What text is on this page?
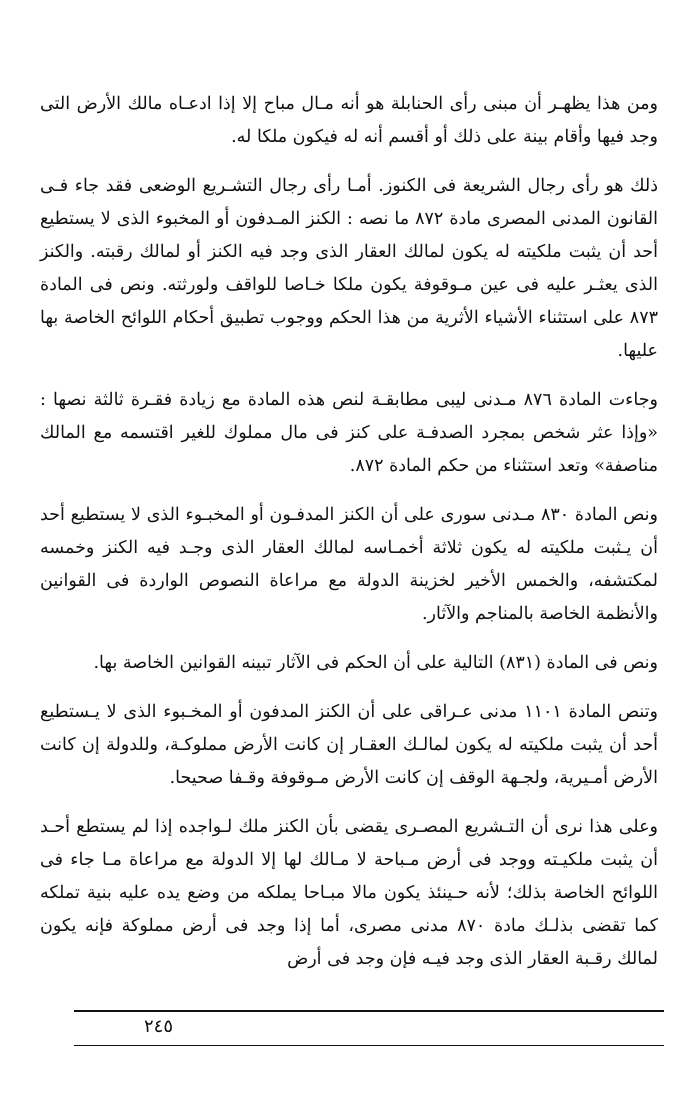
ومن هذا يظهـر أن مبنى رأى الحنابلة هو أنه مـال مباح إلا إذا ادعـاه مالك الأرض التى وجد فيها وأقام بينة على ذلك أو أقسم أنه له فيكون ملكا له.

ذلك هو رأى رجال الشريعة فى الكنوز. أمـا رأى رجال التشـريع الوضعى فقد جاء فـى القانون المدنى المصرى مادة ٨٧٢ ما نصه : الكنز المـدفون أو المخبوء الذى لا يستطيع أحد أن يثبت ملكيته له يكون لمالك العقار الذى وجد فيه الكنز أو لمالك رقبته. والكنز الذى يعثـر عليه فى عين مـوقوفة يكون ملكا خـاصا للواقف ولورثته. ونص فى المادة ٨٧٣ على استثناء الأشياء الأثرية من هذا الحكم ووجوب تطبيق أحكام اللوائح الخاصة بها عليها.

وجاءت المادة ٨٧٦ مـدنى ليبى مطابقـة لنص هذه المادة مع زيادة فقـرة ثالثة نصها : «وإذا عثر شخص بمجرد الصدفـة على كنز فى مال مملوك للغير اقتسمه مع المالك مناصفة» وتعد استثناء من حكم المادة ٨٧٢.

ونص المادة ٨٣٠ مـدنى سورى على أن الكنز المدفـون أو المخبـوء الذى لا يستطيع أحد أن يـثبت ملكيته له يكون ثلاثة أخمـاسه لمالك العقار الذى وجـد فيه الكنز وخمسه لمكتشفه، والخمس الأخير لخزينة الدولة مع مراعاة النصوص الواردة فى القوانين والأنظمة الخاصة بالمناجم والآثار.

ونص فى المادة (٨٣١) التالية على أن الحكم فى الآثار تبينه القوانين الخاصة بها.

وتنص المادة ١١٠١ مدنى عـراقى على أن الكنز المدفون أو المخـبوء الذى لا يـستطيع أحد أن يثبت ملكيته له يكون لمالـك العقـار إن كانت الأرض مملوكـة، وللدولة إن كانت الأرض أمـيرية، ولجـهة الوقف إن كانت الأرض مـوقوفة وقـفا صحيحا.

وعلى هذا نرى أن التـشريع المصـرى يقضى بأن الكنز ملك لـواجده إذا لم يستطع أحـد أن يثبت ملكيـته ووجد فى أرض مـباحة لا مـالك لها إلا الدولة مع مراعاة مـا جاء فى اللوائح الخاصة بذلك؛ لأنه حـينئذ يكون مالا مبـاحا يملكه من وضع يده عليه بنية تملكه كما تقضى بذلـك مادة ٨٧٠ مدنى مصرى، أما إذا وجد فى أرض مملوكة فإنه يكون لمالك رقـبة العقار الذى وجد فيـه فإن وجد فى أرض

٢٤٥
